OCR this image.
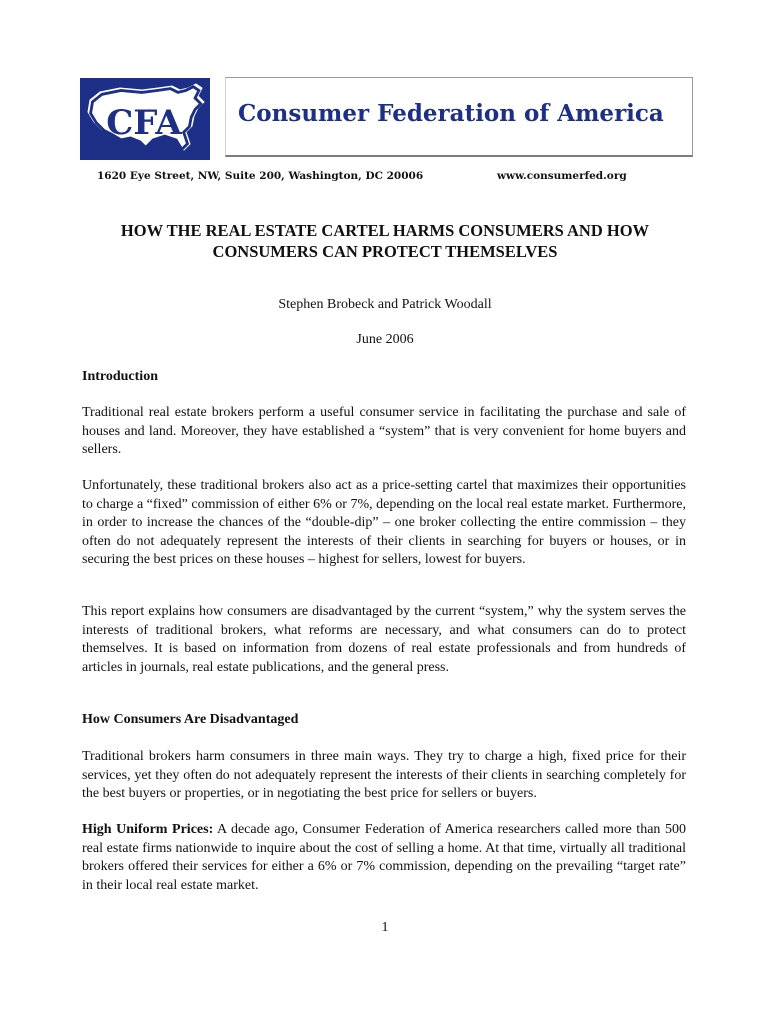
CFA Consumer Federation of America
1620 Eye Street, NW, Suite 200, Washington, DC 20006	www.consumerfed.org
HOW THE REAL ESTATE CARTEL HARMS CONSUMERS AND HOW
CONSUMERS CAN PROTECT THEMSELVES
Stephen Brobeck and Patrick Woodall
June 2006
Introduction

Traditional real estate brokers perform a useful consumer service in facilitating the purchase and sale of houses and land. Moreover, they have established a “system” that is very convenient for home buyers and sellers.

Unfortunately, these traditional brokers also act as a price-setting cartel that maximizes their opportunities to charge a “fixed” commission of either 6% or 7%, depending on the local real estate market. Furthermore, in order to increase the chances of the “double-dip” – one broker collecting the entire commission – they often do not adequately represent the interests of their clients in searching for buyers or houses, or in securing the best prices on these houses – highest for sellers, lowest for buyers.

This report explains how consumers are disadvantaged by the current “system,” why the system serves the interests of traditional brokers, what reforms are necessary, and what consumers can do to protect themselves. It is based on information from dozens of real estate professionals and from hundreds of articles in journals, real estate publications, and the general press.

How Consumers Are Disadvantaged

Traditional brokers harm consumers in three main ways. They try to charge a high, fixed price for their services, yet they often do not adequately represent the interests of their clients in searching completely for the best buyers or properties, or in negotiating the best price for sellers or buyers.

High Uniform Prices: A decade ago, Consumer Federation of America researchers called more than 500 real estate firms nationwide to inquire about the cost of selling a home. At that time, virtually all traditional brokers offered their services for either a 6% or 7% commission, depending on the prevailing “target rate” in their local real estate market.

1
